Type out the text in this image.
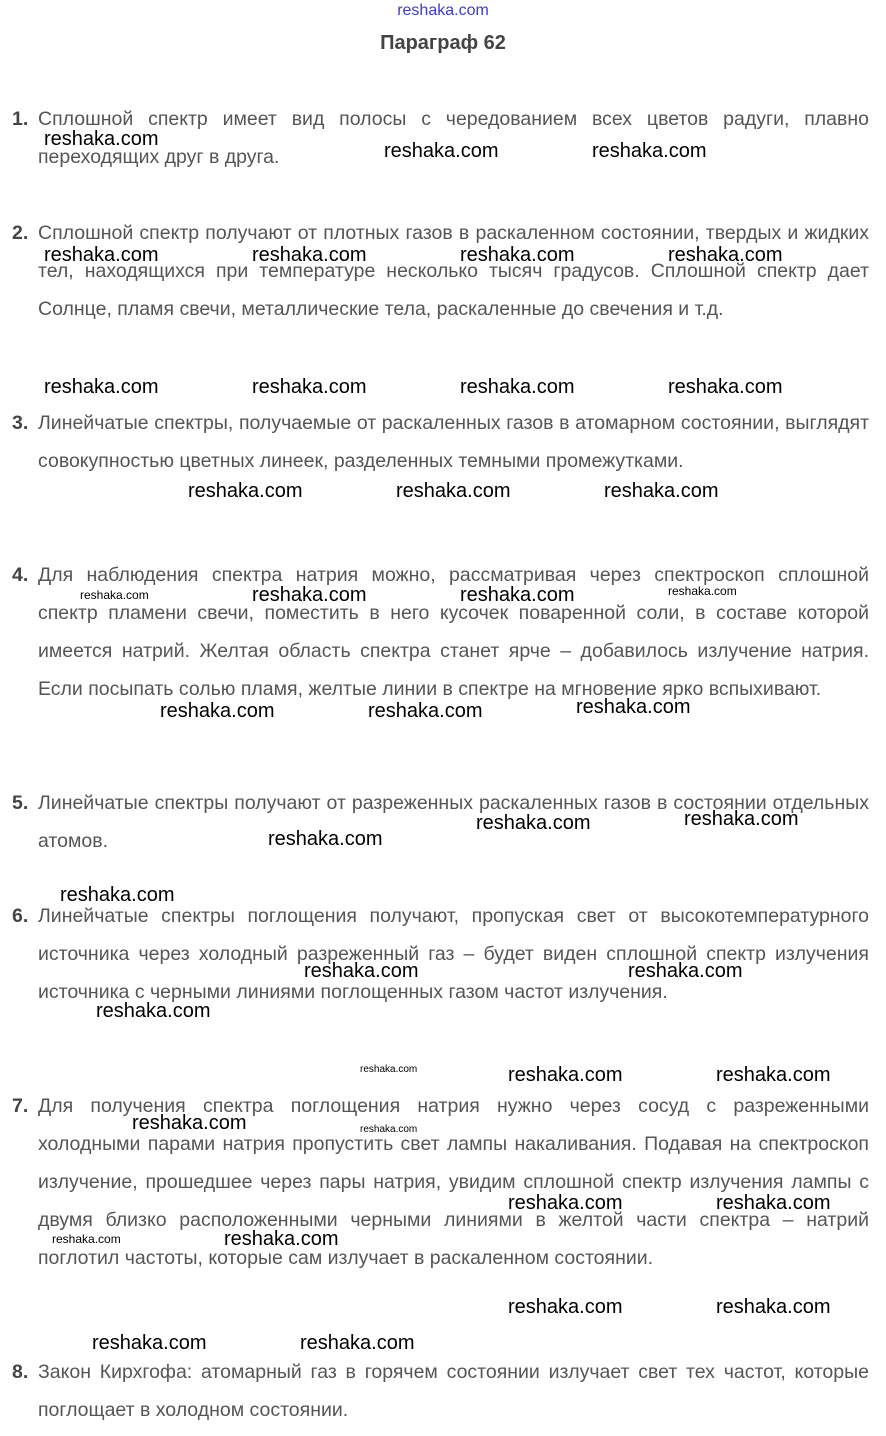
reshaka.com
Параграф 62
1. Сплошной спектр имеет вид полосы с чередованием всех цветов радуги, плавно переходящих друг в друга.
2. Сплошной спектр получают от плотных газов в раскаленном состоянии, твердых и жидких тел, находящихся при температуре несколько тысяч градусов. Сплошной спектр дает Солнце, пламя свечи, металлические тела, раскаленные до свечения и т.д.
3. Линейчатые спектры, получаемые от раскаленных газов в атомарном состоянии, выглядят совокупностью цветных линеек, разделенных темными промежутками.
4. Для наблюдения спектра натрия можно, рассматривая через спектроскоп сплошной спектр пламени свечи, поместить в него кусочек поваренной соли, в составе которой имеется натрий. Желтая область спектра станет ярче – добавилось излучение натрия. Если посыпать солью пламя, желтые линии в спектре на мгновение ярко вспыхивают.
5. Линейчатые спектры получают от разреженных раскаленных газов в состоянии отдельных атомов.
6. Линейчатые спектры поглощения получают, пропуская свет от высокотемпературного источника через холодный разреженный газ – будет виден сплошной спектр излучения источника с черными линиями поглощенных газом частот излучения.
7. Для получения спектра поглощения натрия нужно через сосуд с разреженными холодными парами натрия пропустить свет лампы накаливания. Подавая на спектроскоп излучение, прошедшее через пары натрия, увидим сплошной спектр излучения лампы с двумя близко расположенными черными линиями в желтой части спектра – натрий поглотил частоты, которые сам излучает в раскаленном состоянии.
8. Закон Кирхгофа: атомарный газ в горячем состоянии излучает свет тех частот, которые поглощает в холодном состоянии.
reshaka.com
reshaka.com	reshaka.com
reshaka.com	reshaka.com	reshaka.com	reshaka.com
reshaka.com	reshaka.com	reshaka.com	reshaka.com
reshaka.com	reshaka.com	reshaka.com
reshaka.com	reshaka.com	reshaka.com	reshaka.com
reshaka.com	reshaka.com	reshaka.com
reshaka.com
reshaka.com	reshaka.com
reshaka.com
reshaka.com	reshaka.com
reshaka.com
reshaka.com	reshaka.com	reshaka.com
reshaka.com	reshaka.com
reshaka.com	reshaka.com
reshaka.com	reshaka.com
reshaka.com	reshaka.com
reshaka.com	reshaka.com
